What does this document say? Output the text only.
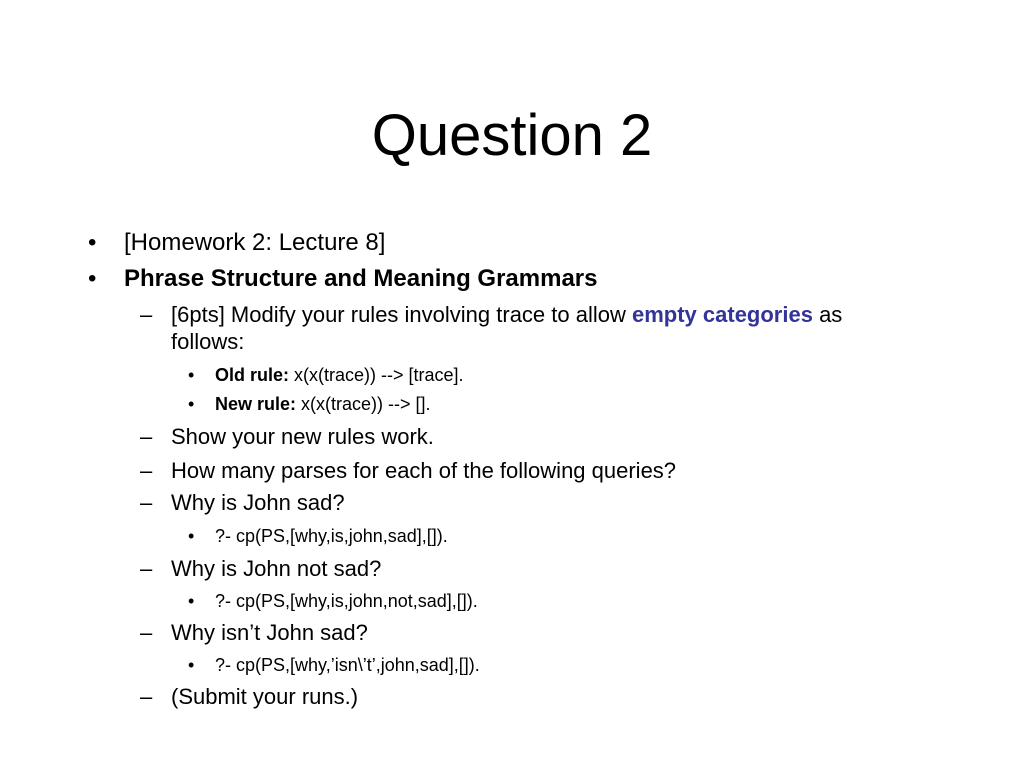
Question 2
• [Homework 2: Lecture 8]
• Phrase Structure and Meaning Grammars
– [6pts] Modify your rules involving trace to allow empty categories as
follows:
• Old rule: x(x(trace)) --> [trace].
• New rule: x(x(trace)) --> [].
– Show your new rules work.
– How many parses for each of the following queries?
– Why is John sad?
• ?- cp(PS,[why,is,john,sad],[]).
– Why is John not sad?
• ?- cp(PS,[why,is,john,not,sad],[]).
– Why isn’t John sad?
• ?- cp(PS,[why,’isn\’t’,john,sad],[]).
– (Submit your runs.)
